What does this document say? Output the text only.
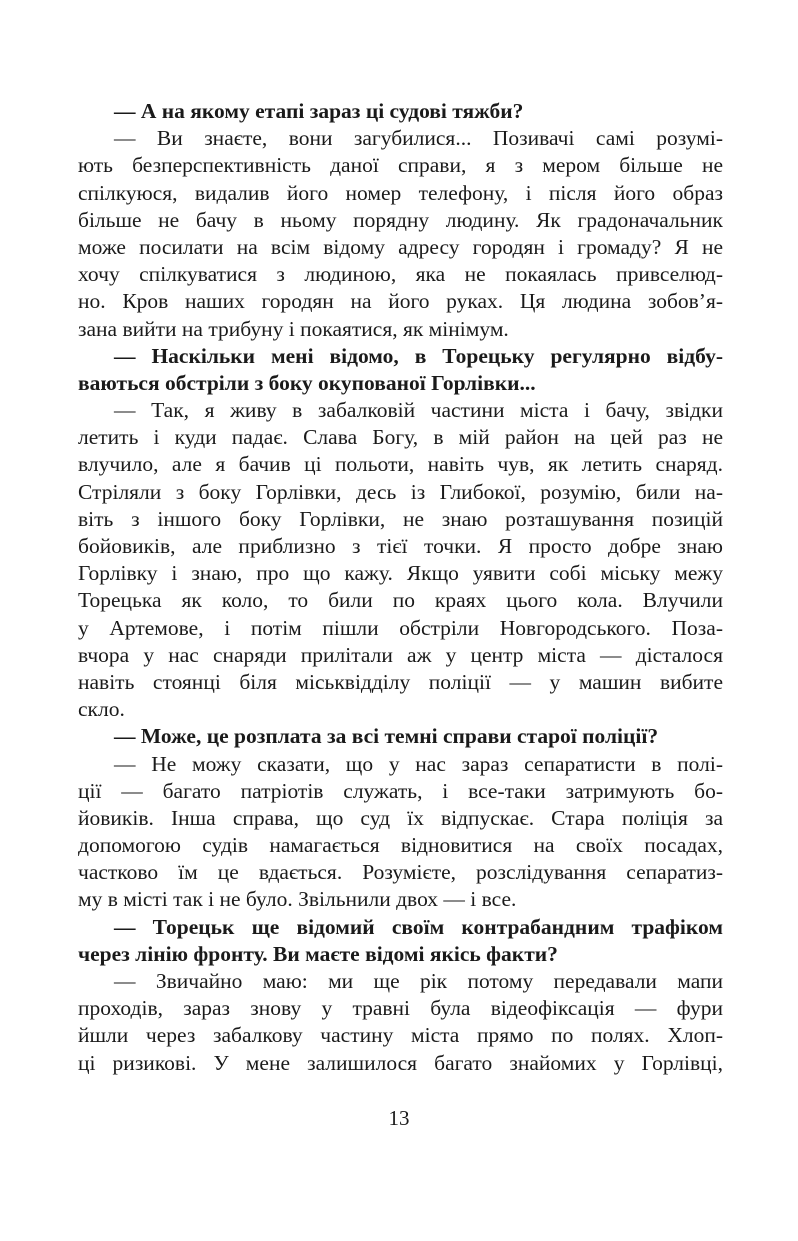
— А на якому етапі зараз ці судові тяжби?
— Ви знаєте, вони загубилися... Позивачі самі розумі-
ють безперспективність даної справи, я з мером більше не
спілкуюся, видалив його номер телефону, і після його образ
більше не бачу в ньому порядну людину. Як градоначальник
може посилати на всім відому адресу городян і громаду? Я не
хочу спілкуватися з людиною, яка не покаялась привселюд-
но. Кров наших городян на його руках. Ця людина зобов’я-
зана вийти на трибуну і покаятися, як мінімум.
— Наскільки мені відомо, в Торецьку регулярно відбу-
ваються обстріли з боку окупованої Горлівки...
— Так, я живу в забалковій частини міста і бачу, звідки
летить і куди падає. Слава Богу, в мій район на цей раз не
влучило, але я бачив ці польоти, навіть чув, як летить снаряд.
Стріляли з боку Горлівки, десь із Глибокої, розумію, били на-
віть з іншого боку Горлівки, не знаю розташування позицій
бойовиків, але приблизно з тієї точки. Я просто добре знаю
Горлівку і знаю, про що кажу. Якщо уявити собі міську межу
Торецька як коло, то били по краях цього кола. Влучили
у Артемове, і потім пішли обстріли Новгородського. Поза-
вчора у нас снаряди прилітали аж у центр міста — дісталося
навіть стоянці біля міськвідділу поліції — у машин вибите
скло.
— Може, це розплата за всі темні справи старої поліції?
— Не можу сказати, що у нас зараз сепаратисти в полі-
ції — багато патріотів служать, і все-таки затримують бо-
йовиків. Інша справа, що суд їх відпускає. Стара поліція за
допомогою судів намагається відновитися на своїх посадах,
частково їм це вдається. Розумієте, розслідування сепаратиз-
му в місті так і не було. Звільнили двох — і все.
— Торецьк ще відомий своїм контрабандним трафіком
через лінію фронту. Ви маєте відомі якісь факти?
— Звичайно маю: ми ще рік потому передавали мапи
проходів, зараз знову у травні була відеофіксація — фури
йшли через забалкову частину міста прямо по полях. Хлоп-
ці ризикові. У мене залишилося багато знайомих у Горлівці,
13
